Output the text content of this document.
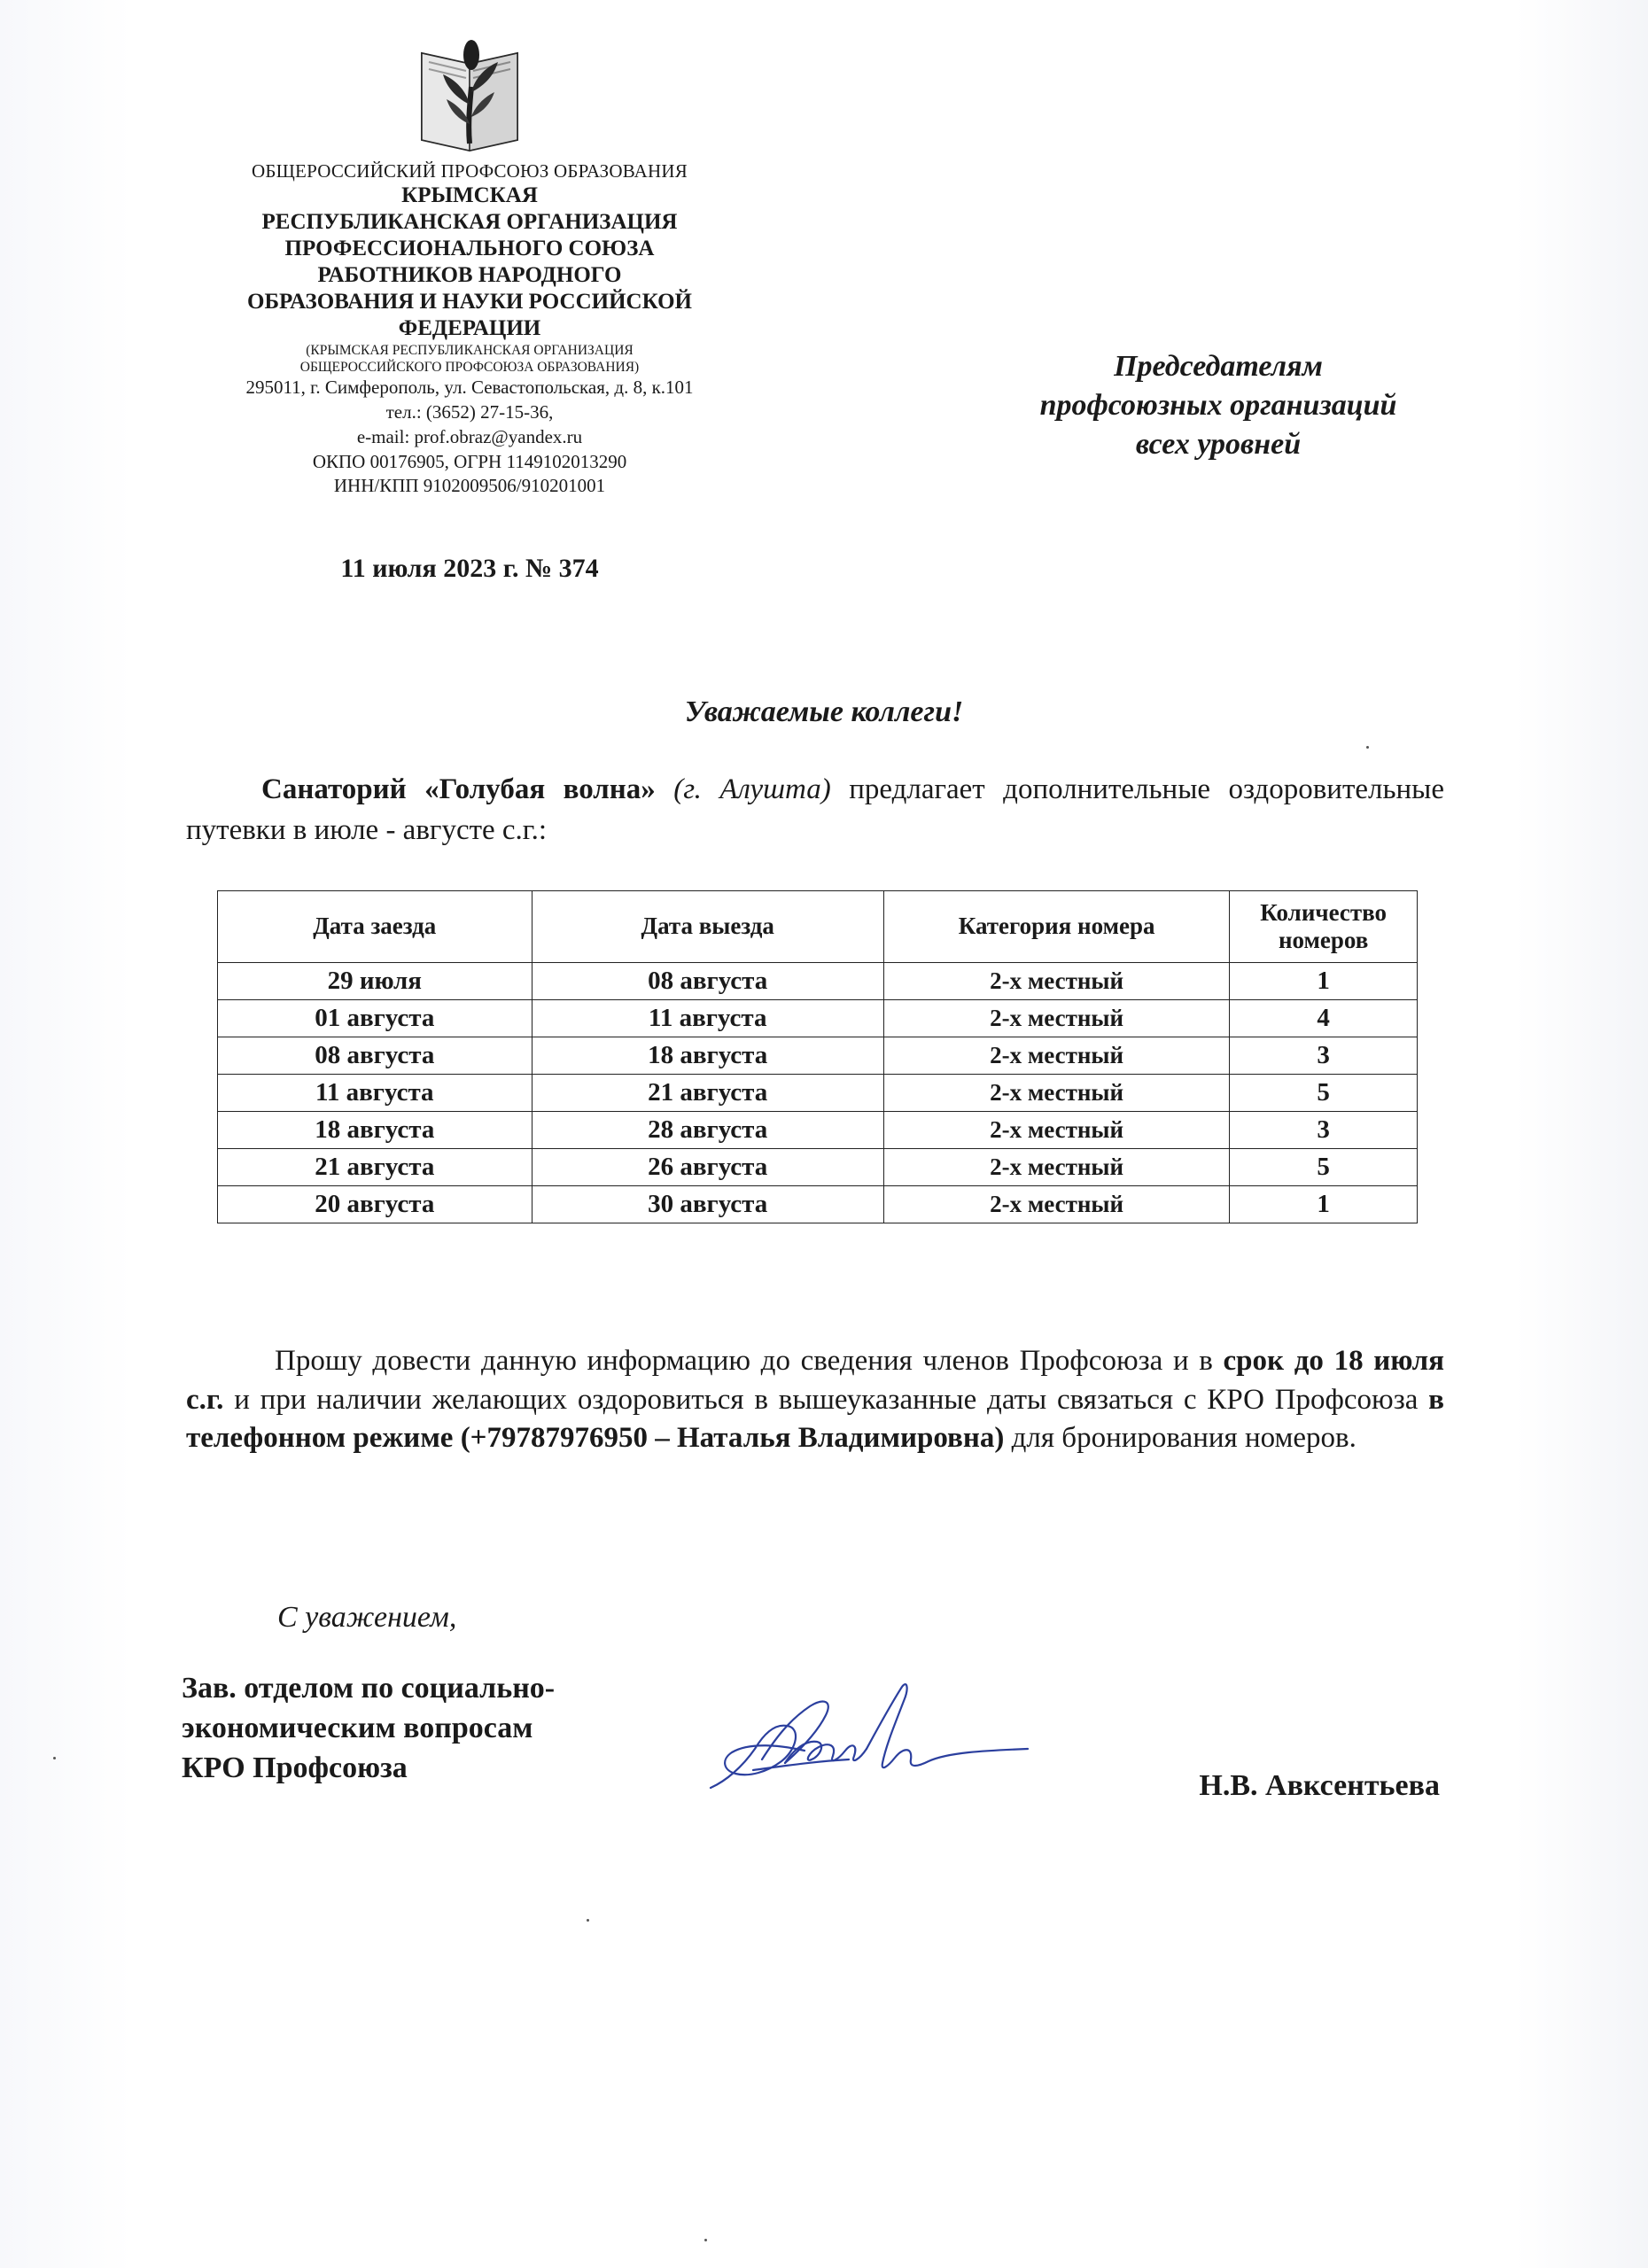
ОБЩЕРОССИЙСКИЙ ПРОФСОЮЗ ОБРАЗОВАНИЯ
КРЫМСКАЯ
РЕСПУБЛИКАНСКАЯ ОРГАНИЗАЦИЯ
ПРОФЕССИОНАЛЬНОГО СОЮЗА
РАБОТНИКОВ НАРОДНОГО
ОБРАЗОВАНИЯ И НАУКИ РОССИЙСКОЙ
ФЕДЕРАЦИИ
(КРЫМСКАЯ РЕСПУБЛИКАНСКАЯ ОРГАНИЗАЦИЯ
ОБЩЕРОССИЙСКОГО ПРОФСОЮЗА ОБРАЗОВАНИЯ)
295011, г. Симферополь, ул. Севастопольская, д. 8, к.101
тел.: (3652) 27-15-36,
e-mail: prof.obraz@yandex.ru
ОКПО 00176905, ОГРН 1149102013290
ИНН/КПП 9102009506/910201001
11 июля 2023 г. № 374
Председателям
профсоюзных организаций
всех уровней
Уважаемые коллеги!
Санаторий «Голубая волна» (г. Алушта) предлагает дополнительные оздоровительные путевки в июле - августе с.г.:
Дата заезда	Дата выезда	Категория номера	Количество номеров
29 июля	08 августа	2-х местный	1
01 августа	11 августа	2-х местный	4
08 августа	18 августа	2-х местный	3
11 августа	21 августа	2-х местный	5
18 августа	28 августа	2-х местный	3
21 августа	26 августа	2-х местный	5
20 августа	30 августа	2-х местный	1
Прошу довести данную информацию до сведения членов Профсоюза и в срок до 18 июля с.г. и при наличии желающих оздоровиться в вышеуказанные даты связаться с КРО Профсоюза в телефонном режиме (+79787976950 – Наталья Владимировна) для бронирования номеров.
С уважением,
Зав. отделом по социально-
экономическим вопросам
КРО Профсоюза
Н.В. Авксентьева
